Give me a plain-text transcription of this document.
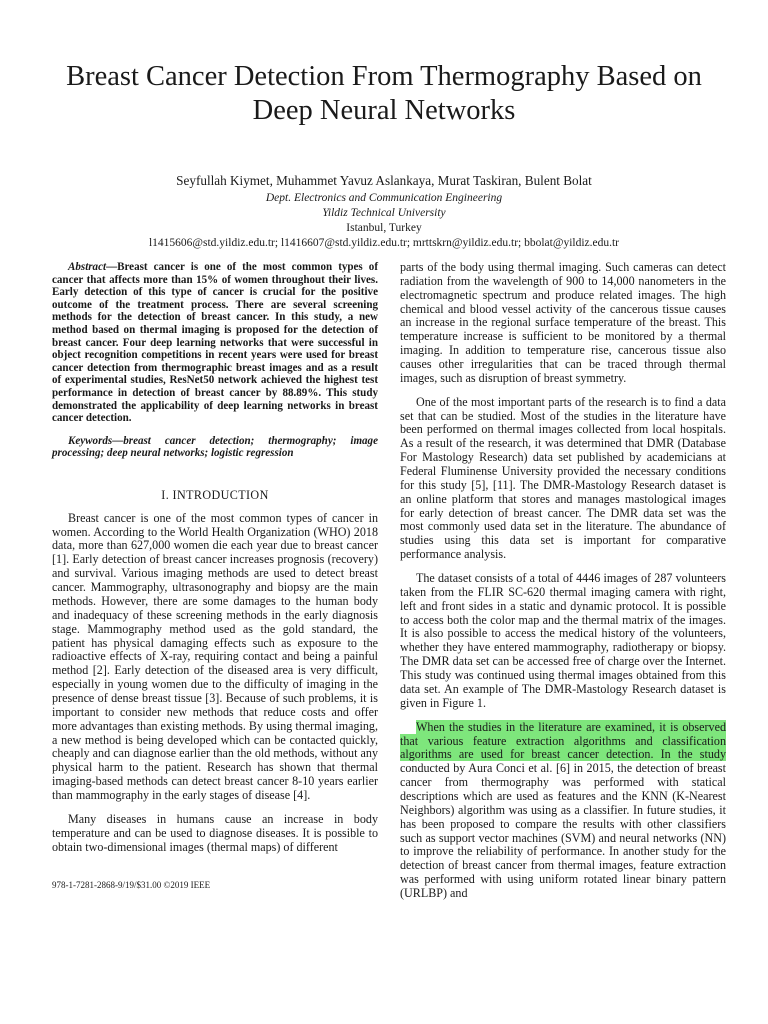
Breast Cancer Detection From Thermography Based on Deep Neural Networks
Seyfullah Kiymet, Muhammet Yavuz Aslankaya, Murat Taskiran, Bulent Bolat
Dept. Electronics and Communication Engineering
Yildiz Technical University
Istanbul, Turkey
l1415606@std.yildiz.edu.tr; l1416607@std.yildiz.edu.tr; mrttskrn@yildiz.edu.tr; bbolat@yildiz.edu.tr

Abstract—Breast cancer is one of the most common types of cancer that affects more than 15% of women throughout their lives. Early detection of this type of cancer is crucial for the positive outcome of the treatment process. There are several screening methods for the detection of breast cancer. In this study, a new method based on thermal imaging is proposed for the detection of breast cancer. Four deep learning networks that were successful in object recognition competitions in recent years were used for breast cancer detection from thermographic breast images and as a result of experimental studies, ResNet50 network achieved the highest test performance in detection of breast cancer by 88.89%. This study demonstrated the applicability of deep learning networks in breast cancer detection.

Keywords—breast cancer detection; thermography; image processing; deep neural networks; logistic regression

I. INTRODUCTION

Breast cancer is one of the most common types of cancer in women. According to the World Health Organization (WHO) 2018 data, more than 627,000 women die each year due to breast cancer [1]. Early detection of breast cancer increases prognosis (recovery) and survival. Various imaging methods are used to detect breast cancer. Mammography, ultrasonography and biopsy are the main methods. However, there are some damages to the human body and inadequacy of these screening methods in the early diagnosis stage. Mammography method used as the gold standard, the patient has physical damaging effects such as exposure to the radioactive effects of X-ray, requiring contact and being a painful method [2]. Early detection of the diseased area is very difficult, especially in young women due to the difficulty of imaging in the presence of dense breast tissue [3]. Because of such problems, it is important to consider new methods that reduce costs and offer more advantages than existing methods. By using thermal imaging, a new method is being developed which can be contacted quickly, cheaply and can diagnose earlier than the old methods, without any physical harm to the patient. Research has shown that thermal imaging-based methods can detect breast cancer 8-10 years earlier than mammography in the early stages of disease [4].

Many diseases in humans cause an increase in body temperature and can be used to diagnose diseases. It is possible to obtain two-dimensional images (thermal maps) of different

parts of the body using thermal imaging. Such cameras can detect radiation from the wavelength of 900 to 14,000 nanometers in the electromagnetic spectrum and produce related images. The high chemical and blood vessel activity of the cancerous tissue causes an increase in the regional surface temperature of the breast. This temperature increase is sufficient to be monitored by a thermal imaging. In addition to temperature rise, cancerous tissue also causes other irregularities that can be traced through thermal images, such as disruption of breast symmetry.

One of the most important parts of the research is to find a data set that can be studied. Most of the studies in the literature have been performed on thermal images collected from local hospitals. As a result of the research, it was determined that DMR (Database For Mastology Research) data set published by academicians at Federal Fluminense University provided the necessary conditions for this study [5], [11]. The DMR-Mastology Research dataset is an online platform that stores and manages mastological images for early detection of breast cancer. The DMR data set was the most commonly used data set in the literature. The abundance of studies using this data set is important for comparative performance analysis.

The dataset consists of a total of 4446 images of 287 volunteers taken from the FLIR SC-620 thermal imaging camera with right, left and front sides in a static and dynamic protocol. It is possible to access both the color map and the thermal matrix of the images. It is also possible to access the medical history of the volunteers, whether they have entered mammography, radiotherapy or biopsy. The DMR data set can be accessed free of charge over the Internet. This study was continued using thermal images obtained from this data set. An example of The DMR-Mastology Research dataset is given in Figure 1.

When the studies in the literature are examined, it is observed that various feature extraction algorithms and classification algorithms are used for breast cancer detection. In the study conducted by Aura Conci et al. [6] in 2015, the detection of breast cancer from thermography was performed with statical descriptions which are used as features and the KNN (K-Nearest Neighbors) algorithm was using as a classifier. In future studies, it has been proposed to compare the results with other classifiers such as support vector machines (SVM) and neural networks (NN) to improve the reliability of performance. In another study for the detection of breast cancer from thermal images, feature extraction was performed with using uniform rotated linear binary pattern (URLBP) and

978-1-7281-2868-9/19/$31.00 ©2019 IEEE
